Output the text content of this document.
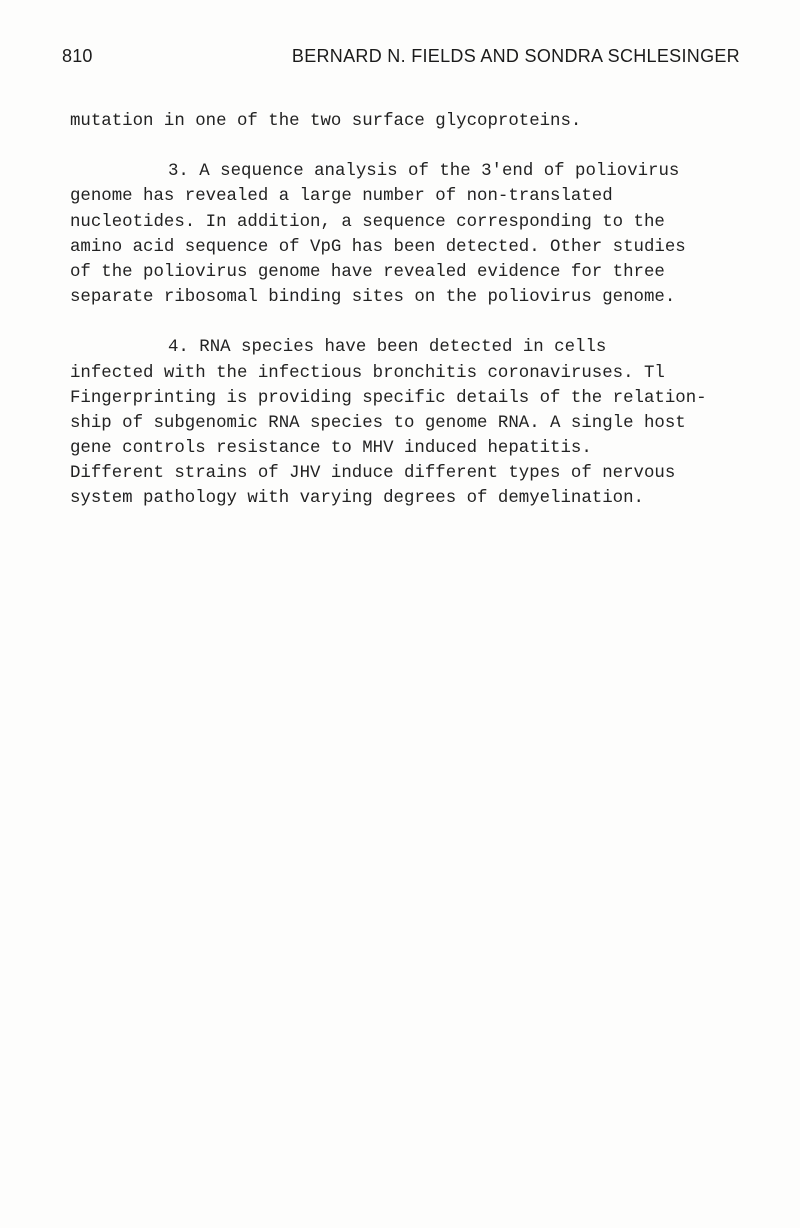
810	BERNARD N. FIELDS AND SONDRA SCHLESINGER
mutation in one of the two surface glycoproteins.
3. A sequence analysis of the 3'end of poliovirus
genome has revealed a large number of non-translated
nucleotides. In addition, a sequence corresponding to the
amino acid sequence of VpG has been detected. Other studies
of the poliovirus genome have revealed evidence for three
separate ribosomal binding sites on the poliovirus genome.
4. RNA species have been detected in cells
infected with the infectious bronchitis coronaviruses. Tl
Fingerprinting is providing specific details of the relation-
ship of subgenomic RNA species to genome RNA. A single host
gene controls resistance to MHV induced hepatitis.
Different strains of JHV induce different types of nervous
system pathology with varying degrees of demyelination.
